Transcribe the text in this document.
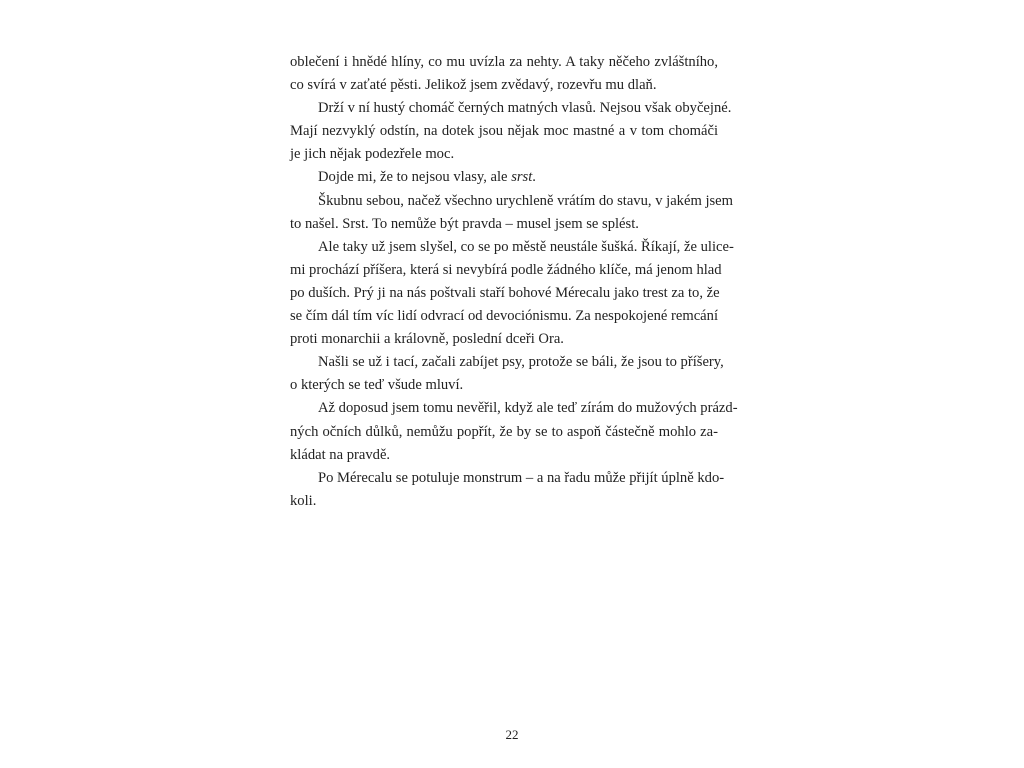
oblečení i hnědé hlíny, co mu uvízla za nehty. A taky něčeho zvláštního,
co svírá v zaťaté pěsti. Jelikož jsem zvědavý, rozevřu mu dlaň.
Drží v ní hustý chomáč černých matných vlasů. Nejsou však obyčejné.
Mají nezvyklý odstín, na dotek jsou nějak moc mastné a v tom chomáči
je jich nějak podezřele moc.
Dojde mi, že to nejsou vlasy, ale srst.
Škubnu sebou, načež všechno urychleně vrátím do stavu, v jakém jsem
to našel. Srst. To nemůže být pravda – musel jsem se splést.
Ale taky už jsem slyšel, co se po městě neustále šušká. Říkají, že ulice-
mi prochází příšera, která si nevybírá podle žádného klíče, má jenom hlad
po duších. Prý ji na nás poštvali staří bohové Mérecalu jako trest za to, že
se čím dál tím víc lidí odvrací od devociónismu. Za nespokojené remcání
proti monarchii a královně, poslední dceři Ora.
Našli se už i tací, začali zabíjet psy, protože se báli, že jsou to příšery,
o kterých se teď všude mluví.
Až doposud jsem tomu nevěřil, když ale teď zírám do mužových prázd-
ných očních důlků, nemůžu popřít, že by se to aspoň částečně mohlo za-
kládat na pravdě.
Po Mérecalu se potuluje monstrum – a na řadu může přijít úplně kdo-
koli.
22
